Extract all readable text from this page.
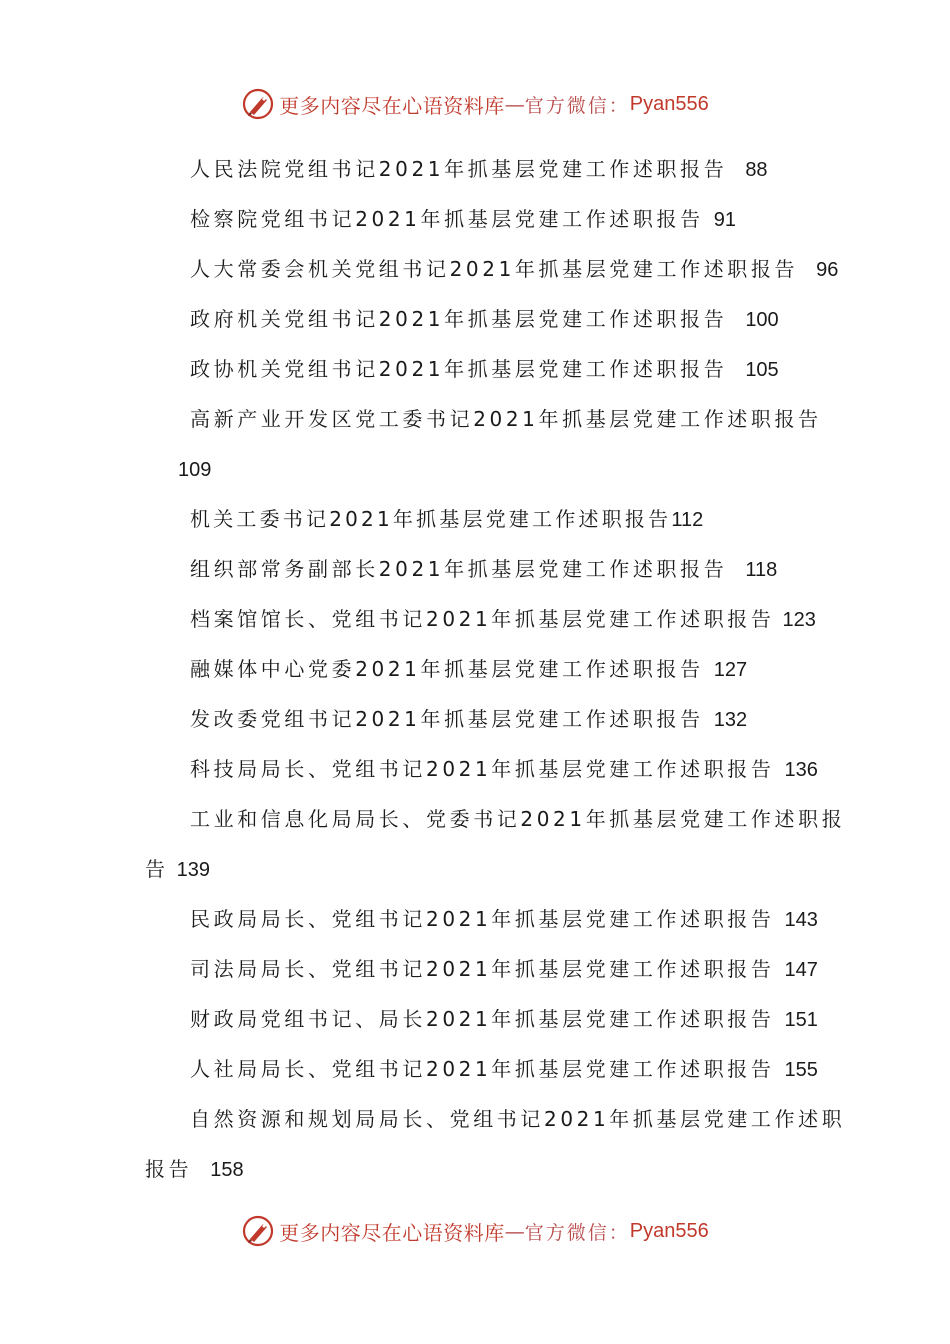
更多内容尽在心语资料库 — 官方微信： Pyan556
人民法院党组书记2021年抓基层党建工作述职报告 88
检察院党组书记2021年抓基层党建工作述职报告 91
人大常委会机关党组书记2021年抓基层党建工作述职报告 96
政府机关党组书记2021年抓基层党建工作述职报告 100
政协机关党组书记2021年抓基层党建工作述职报告 105
高新产业开发区党工委书记2021年抓基层党建工作述职报告
109
机关工委书记2021年抓基层党建工作述职报告112
组织部常务副部长2021年抓基层党建工作述职报告 118
档案馆馆长、党组书记2021年抓基层党建工作述职报告 123
融媒体中心党委2021年抓基层党建工作述职报告 127
发改委党组书记2021年抓基层党建工作述职报告 132
科技局局长、党组书记2021年抓基层党建工作述职报告 136
工业和信息化局局长、党委书记2021年抓基层党建工作述职报
告 139
民政局局长、党组书记2021年抓基层党建工作述职报告 143
司法局局长、党组书记2021年抓基层党建工作述职报告 147
财政局党组书记、局长2021年抓基层党建工作述职报告 151
人社局局长、党组书记2021年抓基层党建工作述职报告 155
自然资源和规划局局长、党组书记2021年抓基层党建工作述职
报告 158
更多内容尽在心语资料库 — 官方微信： Pyan556
